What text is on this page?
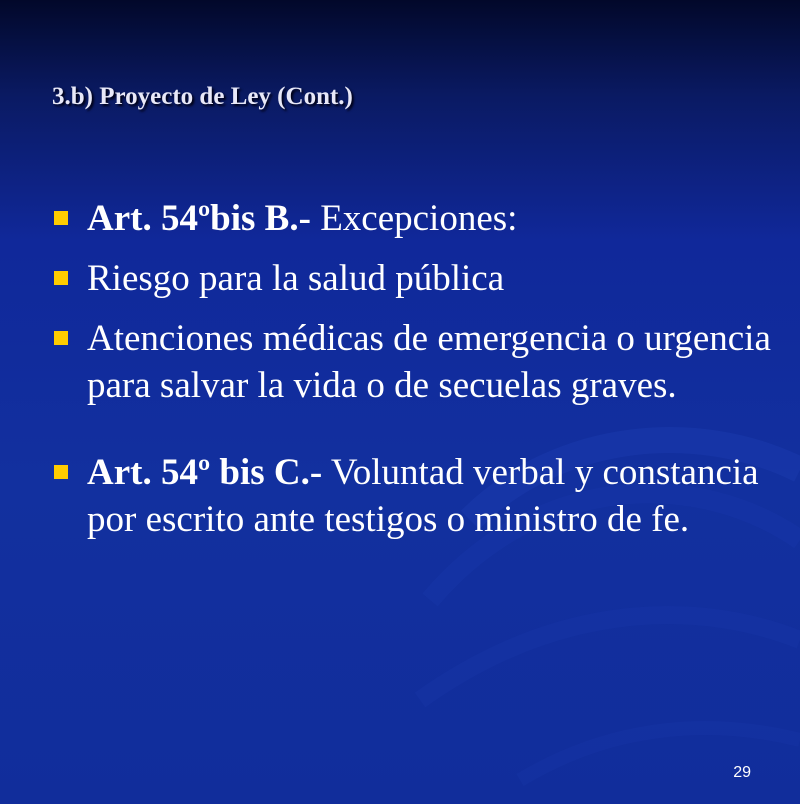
3.b) Proyecto de Ley (Cont.)
Art. 54ºbis B.- Excepciones:
Riesgo para la salud pública
Atenciones médicas de emergencia o urgencia para salvar la vida o de secuelas graves.
Art. 54º bis C.- Voluntad verbal y constancia por escrito ante testigos o ministro de fe.
29
